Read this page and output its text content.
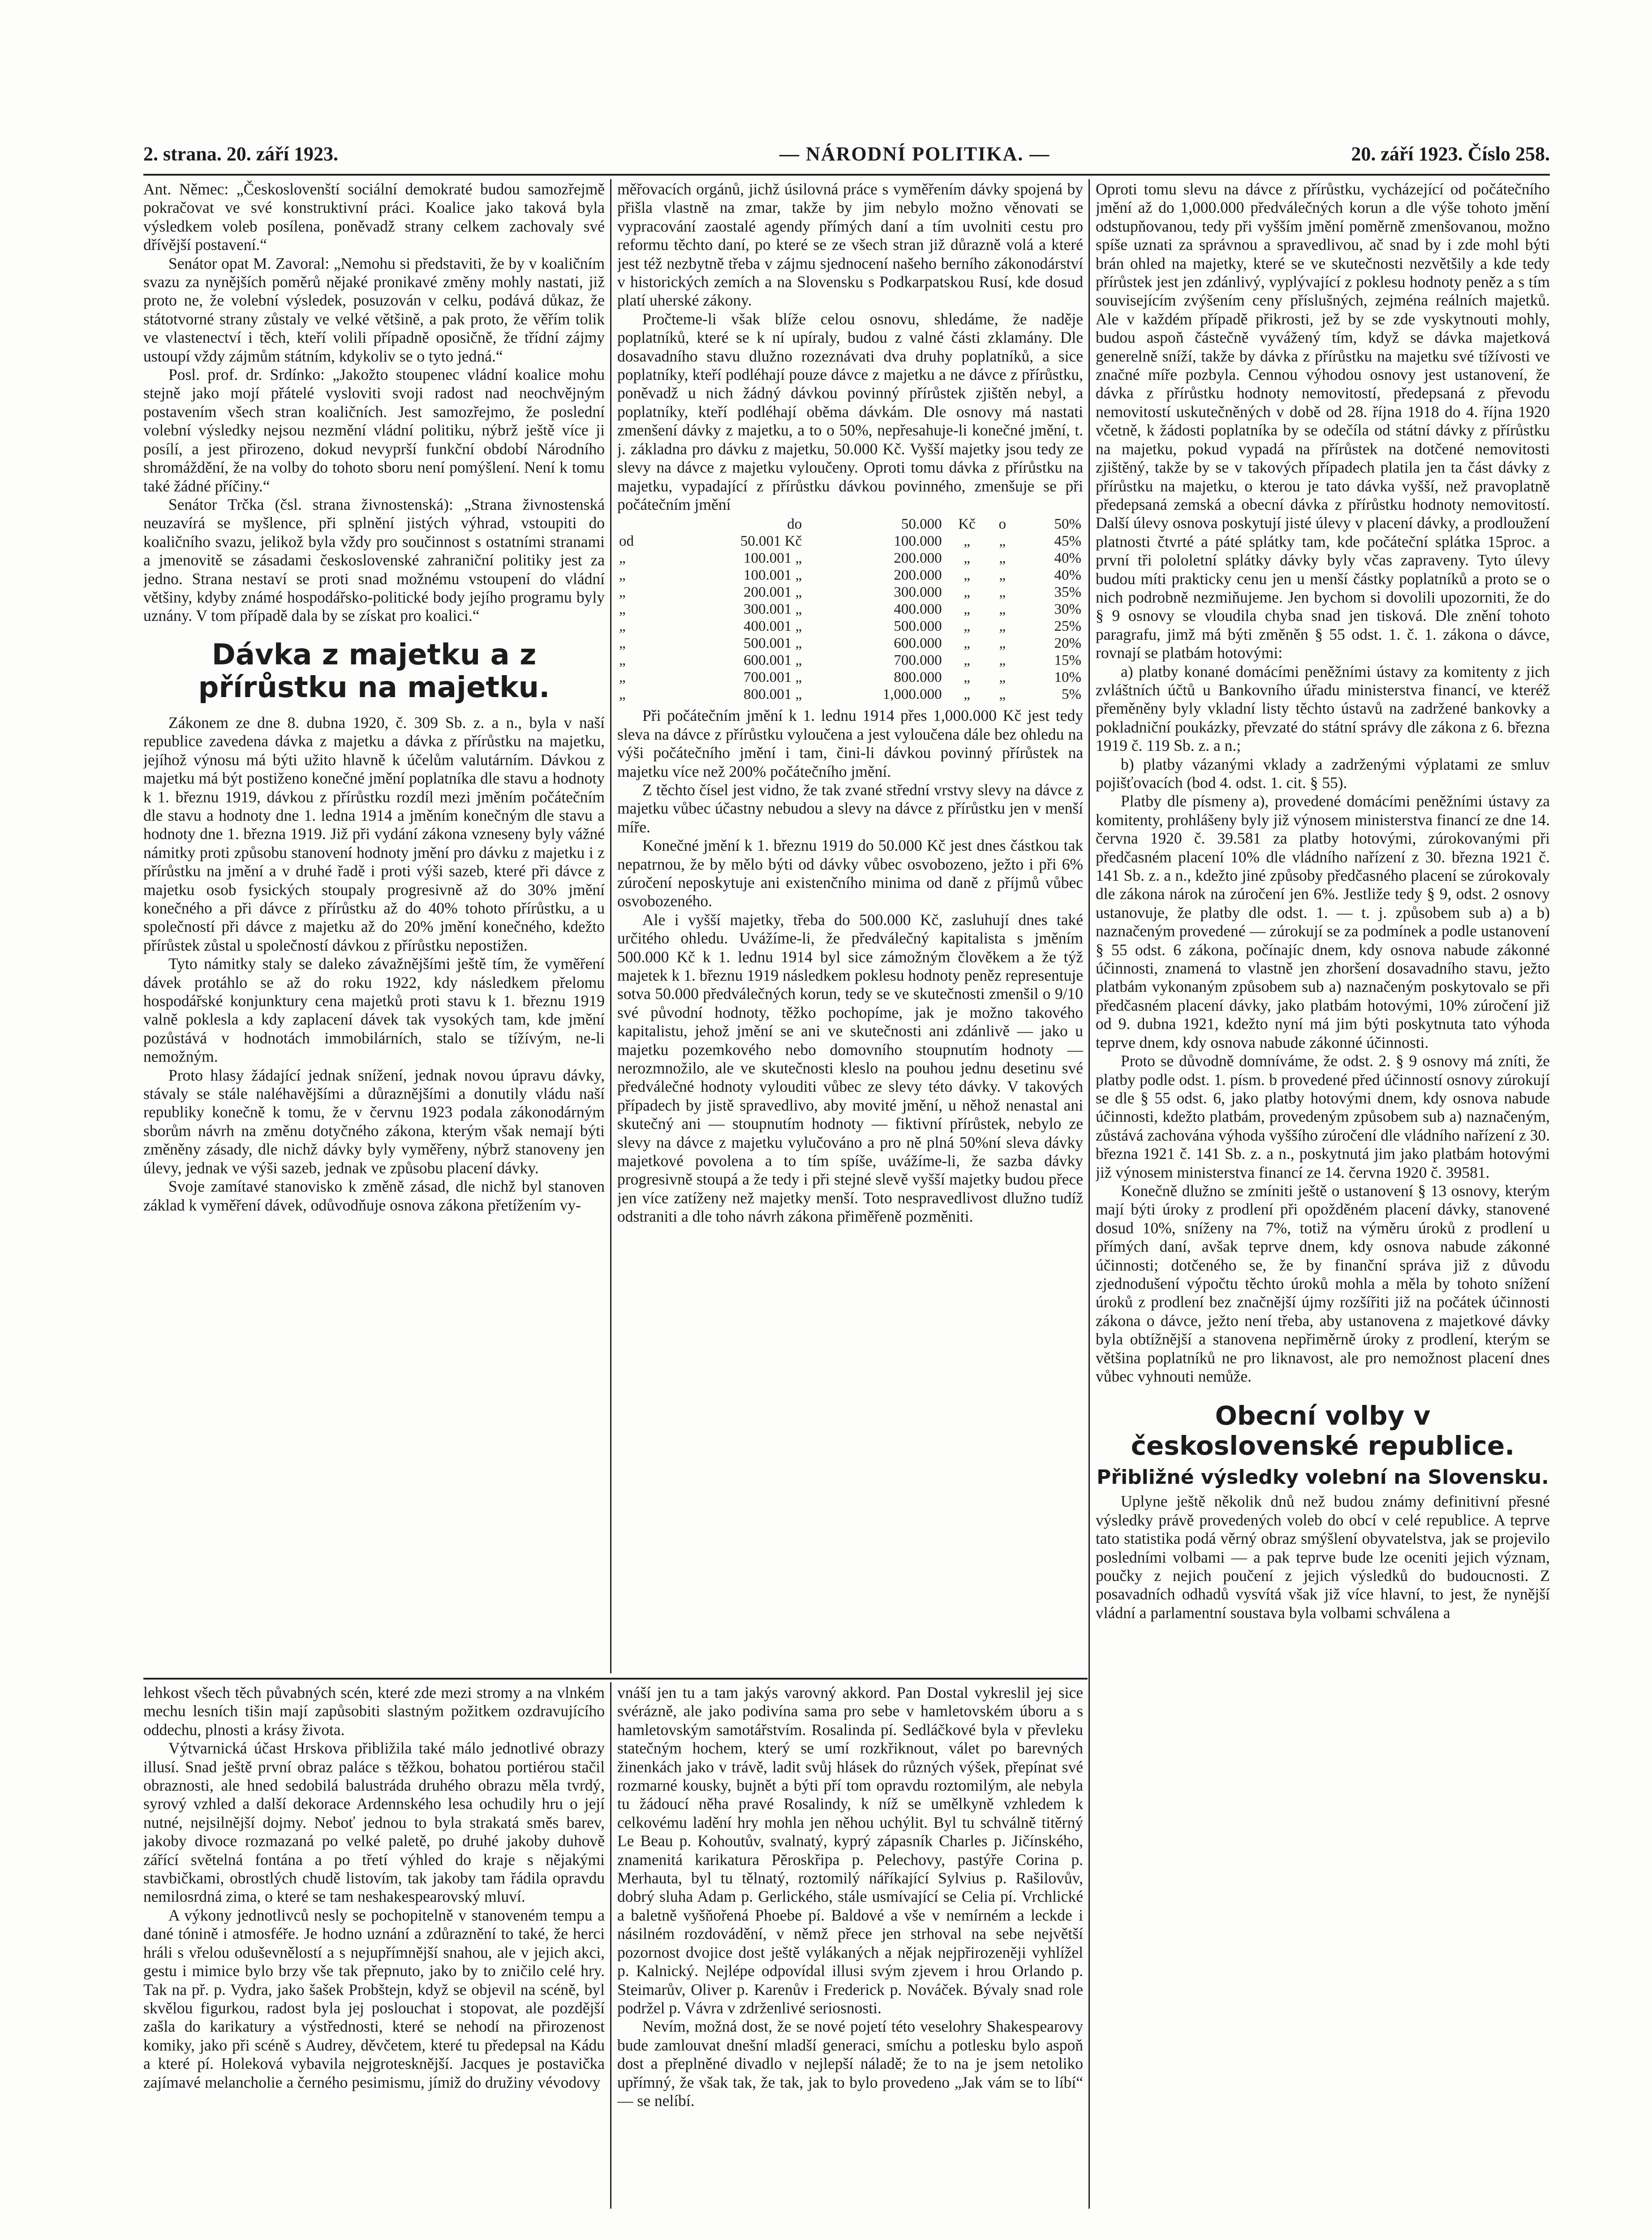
2. strana. 20. září 1923.	— NÁRODNÍ POLITIKA. —	20. září 1923. Číslo 258.

Ant. Němec: „Českoslovenští sociální demokraté budou samozřejmě pokračovat ve své konstruktivní práci. Koalice jako taková byla výsledkem voleb posílena, poněvadž strany celkem zachovaly své dřívější postavení.“

Senátor opat M. Zavoral: „Nemohu si představiti, že by v koaličním svazu za nynějších poměrů nějaké pronikavé změny mohly nastati, již proto ne, že volební výsledek, posuzován v celku, podává důkaz, že státotvorné strany zůstaly ve velké většině, a pak proto, že věřím tolik ve vlastenectví i těch, kteří volili případně oposičně, že třídní zájmy ustoupí vždy zájmům státním, kdykoliv se o tyto jedná.“

Posl. prof. dr. Srdínko: „Jakožto stoupenec vládní koalice mohu stejně jako mojí přátelé vysloviti svoji radost nad neochvějným postavením všech stran koaličních. Jest samozřejmo, že poslední volební výsledky nejsou nezmění vládní politiku, nýbrž ještě více ji posílí, a jest přirozeno, dokud nevyprší funkční období Národního shromáždění, že na volby do tohoto sboru není pomýšlení. Není k tomu také žádné příčiny.“

Senátor Trčka (čsl. strana živnostenská): „Strana živnostenská neuzavírá se myšlence, při splnění jistých výhrad, vstoupiti do koaličního svazu, jelikož byla vždy pro součinnost s ostatními stranami a jmenovitě se zásadami československé zahraniční politiky jest za jedno. Strana nestaví se proti snad možnému vstoupení do vládní většiny, kdyby známé hospodářsko-politické body jejího programu byly uznány. V tom případě dala by se získat pro koalici.“

Dávka z majetku a z přírůstku na majetku.

Zákonem ze dne 8. dubna 1920, č. 309 Sb. z. a n., byla v naší republice zavedena dávka z majetku a dávka z přírůstku na majetku, jejíhož výnosu má býti užito hlavně k účelům valutárním. Dávkou z majetku má být postiženo konečné jmění poplatníka dle stavu a hodnoty k 1. březnu 1919, dávkou z přírůstku rozdíl mezi jměním počátečním dle stavu a hodnoty dne 1. ledna 1914 a jměním konečným dle stavu a hodnoty dne 1. března 1919. Již při vydání zákona vzneseny byly vážné námitky proti způsobu stanovení hodnoty jmění pro dávku z majetku i z přírůstku na jmění a v druhé řadě i proti výši sazeb, které při dávce z majetku osob fysických stoupaly progresivně až do 30% jmění konečného a při dávce z přírůstku až do 40% tohoto přírůstku, a u společností při dávce z majetku až do 20% jmění konečného, kdežto přírůstek zůstal u společností dávkou z přírůstku nepostižen.

Tyto námitky staly se daleko závažnějšími ještě tím, že vyměření dávek protáhlo se až do roku 1922, kdy následkem přelomu hospodářské konjunktury cena majetků proti stavu k 1. březnu 1919 valně poklesla a kdy zaplacení dávek tak vysokých tam, kde jmění pozůstává v hodnotách immobilárních, stalo se tížívým, ne-li nemožným.

Proto hlasy žádající jednak snížení, jednak novou úpravu dávky, stávaly se stále naléhavějšími a důraznějšími a donutily vládu naší republiky konečně k tomu, že v červnu 1923 podala zákonodárným sborům návrh na změnu dotyčného zákona, kterým však nemají býti změněny zásady, dle nichž dávky byly vyměřeny, nýbrž stanoveny jen úlevy, jednak ve výši sazeb, jednak ve způsobu placení dávky.

Svoje zamítavé stanovisko k změně zásad, dle nichž byl stanoven základ k vyměření dávek, odůvodňuje osnova zákona přetížením vy-

měřovacích orgánů, jichž úsilovná práce s vyměřením dávky spojená by přišla vlastně na zmar, takže by jim nebylo možno věnovati se vypracování zaostalé agendy přímých daní a tím uvolniti cestu pro reformu těchto daní, po které se ze všech stran již důrazně volá a které jest též nezbytně třeba v zájmu sjednocení našeho berního zákonodárství v historických zemích a na Slovensku s Podkarpatskou Rusí, kde dosud platí uherské zákony.

Pročteme-li však blíže celou osnovu, shledáme, že naděje poplatníků, které se k ní upíraly, budou z valné části zklamány. Dle dosavadního stavu dlužno rozeznávati dva druhy poplatníků, a sice poplatníky, kteří podléhají pouze dávce z majetku a ne dávce z přírůstku, poněvadž u nich žádný dávkou povinný přírůstek zjištěn nebyl, a poplatníky, kteří podléhají oběma dávkám. Dle osnovy má nastati zmenšení dávky z majetku, a to o 50%, nepřesahuje-li konečné jmění, t. j. základna pro dávku z majetku, 50.000 Kč. Vyšší majetky jsou tedy ze slevy na dávce z majetku vyloučeny. Oproti tomu dávka z přírůstku na majetku, vypadající z přírůstku dávkou povinného, zmenšuje se při počátečním jmění

	do	50.000	Kč	o	50%
od	50.001 Kč	100.000	„	„	45%
„	100.001 „	200.000	„	„	40%
„	100.001 „	200.000	„	„	40%
„	200.001 „	300.000	„	„	35%
„	300.001 „	400.000	„	„	30%
„	400.001 „	500.000	„	„	25%
„	500.001 „	600.000	„	„	20%
„	600.001 „	700.000	„	„	15%
„	700.001 „	800.000	„	„	10%
„	800.001 „	1,000.000	„	„	5%

Při počátečním jmění k 1. lednu 1914 přes 1,000.000 Kč jest tedy sleva na dávce z přírůstku vyloučena a jest vyloučena dále bez ohledu na výši počátečního jmění i tam, čini-li dávkou povinný přírůstek na majetku více než 200% počátečního jmění.

Z těchto čísel jest vidno, že tak zvané střední vrstvy slevy na dávce z majetku vůbec účastny nebudou a slevy na dávce z přírůstku jen v menší míře.

Konečné jmění k 1. březnu 1919 do 50.000 Kč jest dnes částkou tak nepatrnou, že by mělo býti od dávky vůbec osvobozeno, ježto i při 6% zúročení neposkytuje ani existenčního minima od daně z příjmů vůbec osvobozeného.

Ale i vyšší majetky, třeba do 500.000 Kč, zasluhují dnes také určitého ohledu. Uvážíme-li, že předválečný kapitalista s jměním 500.000 Kč k 1. lednu 1914 byl sice zámožným člověkem a že týž majetek k 1. březnu 1919 následkem poklesu hodnoty peněz representuje sotva 50.000 předválečných korun, tedy se ve skutečnosti zmenšil o 9/10 své původní hodnoty, těžko pochopíme, jak je možno takového kapitalistu, jehož jmění se ani ve skutečnosti ani zdánlivě — jako u majetku pozemkového nebo domovního stoupnutím hodnoty — nerozmnožilo, ale ve skutečnosti kleslo na pouhou jednu desetinu své předválečné hodnoty vylouditi vůbec ze slevy této dávky. V takových případech by jistě spravedlivo, aby movité jmění, u něhož nenastal ani skutečný ani — stoupnutím hodnoty — fiktivní přírůstek, nebylo ze slevy na dávce z majetku vylučováno a pro ně plná 50%ní sleva dávky majetkové povolena a to tím spíše, uvážíme-li, že sazba dávky progresivně stoupá a že tedy i při stejné slevě vyšší majetky budou přece jen více zatíženy než majetky menší. Toto nespravedlivost dlužno tudíž odstraniti a dle toho návrh zákona přiměřeně pozměniti.

Oproti tomu slevu na dávce z přírůstku, vycházející od počátečního jmění až do 1,000.000 předválečných korun a dle výše tohoto jmění odstupňovanou, tedy při vyšším jmění poměrně zmenšovanou, možno spíše uznati za správnou a spravedlivou, ač snad by i zde mohl býti brán ohled na majetky, které se ve skutečnosti nezvětšily a kde tedy přírůstek jest jen zdánlivý, vyplývající z poklesu hodnoty peněz a s tím souvisejícím zvýšením ceny příslušných, zejména reálních majetků. Ale v každém případě přikrosti, jež by se zde vyskytnouti mohly, budou aspoň částečně vyvážený tím, když se dávka majetková generelně sníží, takže by dávka z přírůstku na majetku své tížívosti ve značné míře pozbyla. Cennou výhodou osnovy jest ustanovení, že dávka z přírůstku hodnoty nemovitostí, předepsaná z převodu nemovitostí uskutečněných v době od 28. října 1918 do 4. října 1920 včetně, k žádosti poplatníka by se odečíla od státní dávky z přírůstku na majetku, pokud vypadá na přírůstek na dotčené nemovitosti zjištěný, takže by se v takových případech platila jen ta část dávky z přírůstku na majetku, o kterou je tato dávka vyšší, než pravoplatně předepsaná zemská a obecní dávka z přírůstku hodnoty nemovitostí. Další úlevy osnova poskytují jisté úlevy v placení dávky, a prodloužení platnosti čtvrté a páté splátky tam, kde počáteční splátka 15proc. a první tři pololetní splátky dávky byly včas zapraveny. Tyto úlevy budou míti prakticky cenu jen u menší částky poplatníků a proto se o nich podrobně nezmiňujeme. Jen bychom si dovolili upozorniti, že do § 9 osnovy se vloudila chyba snad jen tisková. Dle znění tohoto paragrafu, jimž má býti změněn § 55 odst. 1. č. 1. zákona o dávce, rovnají se platbám hotovými:

a) platby konané domácími peněžními ústavy za komitenty z jich zvláštních účtů u Bankovního úřadu ministerstva financí, ve kteréž přeměněny byly vkladní listy těchto ústavů na zadržené bankovky a pokladniční poukázky, převzaté do státní správy dle zákona z 6. března 1919 č. 119 Sb. z. a n.;

b) platby vázanými vklady a zadrženými výplatami ze smluv pojišťovacích (bod 4. odst. 1. cit. § 55).

Platby dle písmeny a), provedené domácími peněžními ústavy za komitenty, prohlášeny byly již výnosem ministerstva financí ze dne 14. června 1920 č. 39.581 za platby hotovými, zúrokovanými při předčasném placení 10% dle vládního nařízení z 30. března 1921 č. 141 Sb. z. a n., kdežto jiné způsoby předčasného placení se zúrokovaly dle zákona nárok na zúročení jen 6%. Jestliže tedy § 9, odst. 2 osnovy ustanovuje, že platby dle odst. 1. — t. j. způsobem sub a) a b) naznačeným provedené — zúrokují se za podmínek a podle ustanovení § 55 odst. 6 zákona, počínajíc dnem, kdy osnova nabude zákonné účinnosti, znamená to vlastně jen zhoršení dosavadního stavu, ježto platbám vykonaným způsobem sub a) naznačeným poskytovalo se při předčasném placení dávky, jako platbám hotovými, 10% zúročení již od 9. dubna 1921, kdežto nyní má jim býti poskytnuta tato výhoda teprve dnem, kdy osnova nabude zákonné účinnosti.

Proto se důvodně domníváme, že odst. 2. § 9 osnovy má zníti, že platby podle odst. 1. písm. b provedené před účinností osnovy zúrokují se dle § 55 odst. 6, jako platby hotovými dnem, kdy osnova nabude účinnosti, kdežto platbám, provedeným způsobem sub a) naznačeným, zůstává zachována výhoda vyššího zúročení dle vládního nařízení z 30. března 1921 č. 141 Sb. z. a n., poskytnutá jim jako platbám hotovými již výnosem ministerstva financí ze 14. června 1920 č. 39581.

Konečně dlužno se zmíniti ještě o ustanovení § 13 osnovy, kterým mají býti úroky z prodlení při opožděném placení dávky, stanovené dosud 10%, sníženy na 7%, totiž na výměru úroků z prodlení u přímých daní, avšak teprve dnem, kdy osnova nabude zákonné účinnosti; dotčeného se, že by finanční správa již z důvodu zjednodušení výpočtu těchto úroků mohla a měla by tohoto snížení úroků z prodlení bez značnější újmy rozšířiti již na počátek účinnosti zákona o dávce, ježto není třeba, aby ustanovena z majetkové dávky byla obtížnější a stanovena nepřiměrně úroky z prodlení, kterým se většina poplatníků ne pro liknavost, ale pro nemožnost placení dnes vůbec vyhnouti nemůže.

Obecní volby v československé republice.
Přibližné výsledky volební na Slovensku.

Uplyne ještě několik dnů než budou známy definitivní přesné výsledky právě provedených voleb do obcí v celé republice. A teprve tato statistika podá věrný obraz smýšlení obyvatelstva, jak se projevilo posledními volbami — a pak teprve bude lze oceniti jejich význam, poučky z nejich poučení z jejich výsledků do budoucnosti. Z posavadních odhadů vysvítá však již více hlavní, to jest, že nynější vládní a parlamentní soustava byla volbami schválena a

lehkost všech těch půvabných scén, které zde mezi stromy a na vlnkém mechu lesních tišin mají zapůsobiti slastným požitkem ozdravujícího oddechu, plnosti a krásy života.

Výtvarnická účast Hrskova přibližila také málo jednotlivé obrazy illusí. Snad ještě první obraz paláce s těžkou, bohatou portiérou stačil obraznosti, ale hned sedobilá balustráda druhého obrazu měla tvrdý, syrový vzhled a další dekorace Ardennského lesa ochudily hru o její nutné, nejsilnější dojmy. Neboť jednou to byla strakatá směs barev, jakoby divoce rozmazaná po velké paletě, po druhé jakoby duhově zářící světelná fontána a po třetí výhled do kraje s nějakými stavbičkami, obrostlých chudě listovím, tak jakoby tam řádila opravdu nemilosrdná zima, o které se tam neshakespearovský mluví.

A výkony jednotlivců nesly se pochopitelně v stanoveném tempu a dané tónině i atmosféře. Je hodno uznání a zdůraznění to také, že herci hráli s vřelou oduševnělostí a s nejupřímnější snahou, ale v jejich akci, gestu i mimice bylo brzy vše tak přepnuto, jako by to zničilo celé hry. Tak na př. p. Vydra, jako šašek Probštejn, když se objevil na scéně, byl skvělou figurkou, radost byla jej poslouchat i stopovat, ale pozdější zašla do karikatury a výstřednosti, které se nehodí na přirozenost komiky, jako při scéně s Audrey, děvčetem, které tu předepsal na Kádu a které pí. Holeková vybavila nejgrotesknější. Jacques je postavička zajímavé melancholie a černého pesimismu, jímiž do družiny vévodovy

vnáší jen tu a tam jakýs varovný akkord. Pan Dostal vykreslil jej sice svérázně, ale jako podivína sama pro sebe v hamletovském úboru a s hamletovským samotářstvím. Rosalinda pí. Sedláčkové byla v převleku statečným hochem, který se umí rozkřiknout, válet po barevných žinenkách jako v trávě, ladit svůj hlásek do různých výšek, přepínat své rozmarné kousky, bujnět a býti pří tom opravdu roztomilým, ale nebyla tu žádoucí něha pravé Rosalindy, k níž se umělkyně vzhledem k celkovému ladění hry mohla jen něhou uchýlit. Byl tu schválně titěrný Le Beau p. Kohoutův, svalnatý, kyprý zápasník Charles p. Jičínského, znamenitá karikatura Pěroskřipa p. Pelechovy, pastýře Corina p. Merhauta, byl tu tělnatý, roztomilý náříkající Sylvius p. Rašilovův, dobrý sluha Adam p. Gerlického, stále usmívající se Celia pí. Vrchlické a baletně vyšňořená Phoebe pí. Baldové a vše v nemírném a leckde i násilném rozdovádění, v němž přece jen strhoval na sebe největší pozornost dvojice dost ještě vylákaných a nějak nejpřirozeněji vyhlížel p. Kalnický. Nejlépe odpovídal illusi svým zjevem i hrou Orlando p. Steimarův, Oliver p. Karenův i Frederick p. Nováček. Bývaly snad role podržel p. Vávra v zdrženlivé seriosnosti.

Nevím, možná dost, že se nové pojetí této veselohry Shakespearovy bude zamlouvat dnešní mladší generaci, smíchu a potlesku bylo aspoň dost a přeplněné divadlo v nejlepší náladě; že to na je jsem netoliko upřímný, že však tak, že tak, jak to bylo provedeno „Jak vám se to líbí“ — se nelíbí.
